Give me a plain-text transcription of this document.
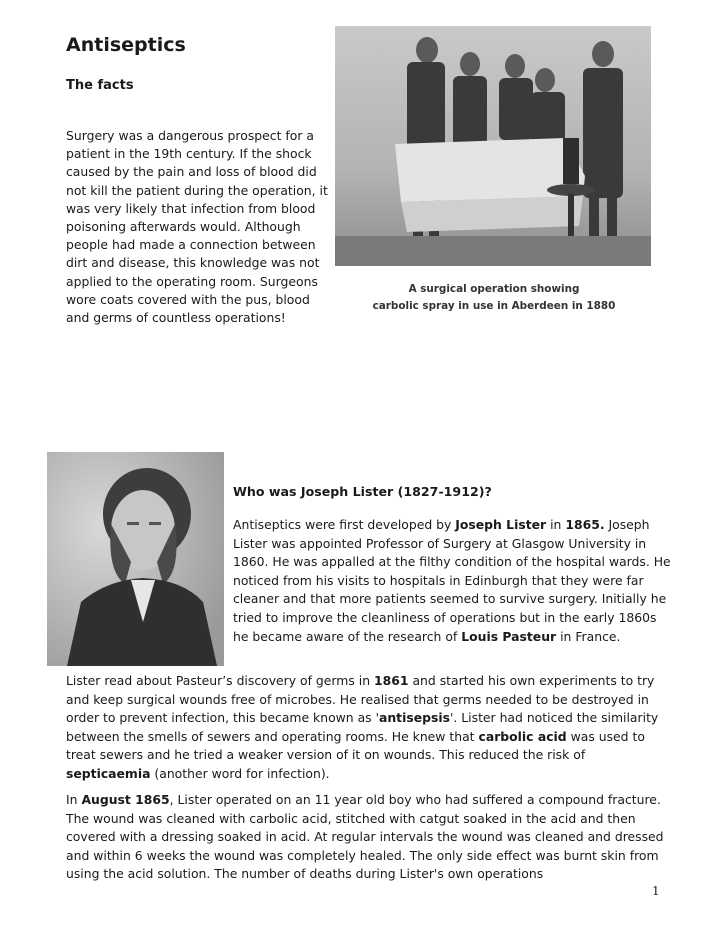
Antiseptics
The facts

Surgery was a dangerous prospect for a patient in the 19th century. If the shock caused by the pain and loss of blood did not kill the patient during the operation, it was very likely that infection from blood poisoning afterwards would. Although people had made a connection between dirt and disease, this knowledge was not applied to the operating room. Surgeons wore coats covered with the pus, blood and germs of countless operations!

A surgical operation showing
carbolic spray in use in Aberdeen in 1880
Who was Joseph Lister (1827-1912)?

Antiseptics were first developed by Joseph Lister in 1865. Joseph Lister was appointed Professor of Surgery at Glasgow University in 1860. He was appalled at the filthy condition of the hospital wards. He noticed from his visits to hospitals in Edinburgh that they were far cleaner and that more patients seemed to survive surgery. Initially he tried to improve the cleanliness of operations but in the early 1860s he became aware of the research of Louis Pasteur in France.

Lister read about Pasteur’s discovery of germs in 1861 and started his own experiments to try and keep surgical wounds free of microbes. He realised that germs needed to be destroyed in order to prevent infection, this became known as 'antisepsis'. Lister had noticed the similarity between the smells of sewers and operating rooms. He knew that carbolic acid was used to treat sewers and he tried a weaker version of it on wounds. This reduced the risk of septicaemia (another word for infection).

In August 1865, Lister operated on an 11 year old boy who had suffered a compound fracture. The wound was cleaned with carbolic acid, stitched with catgut soaked in the acid and then covered with a dressing soaked in acid. At regular intervals the wound was cleaned and dressed and within 6 weeks the wound was completely healed. The only side effect was burnt skin from using the acid solution. The number of deaths during Lister's own operations

1
